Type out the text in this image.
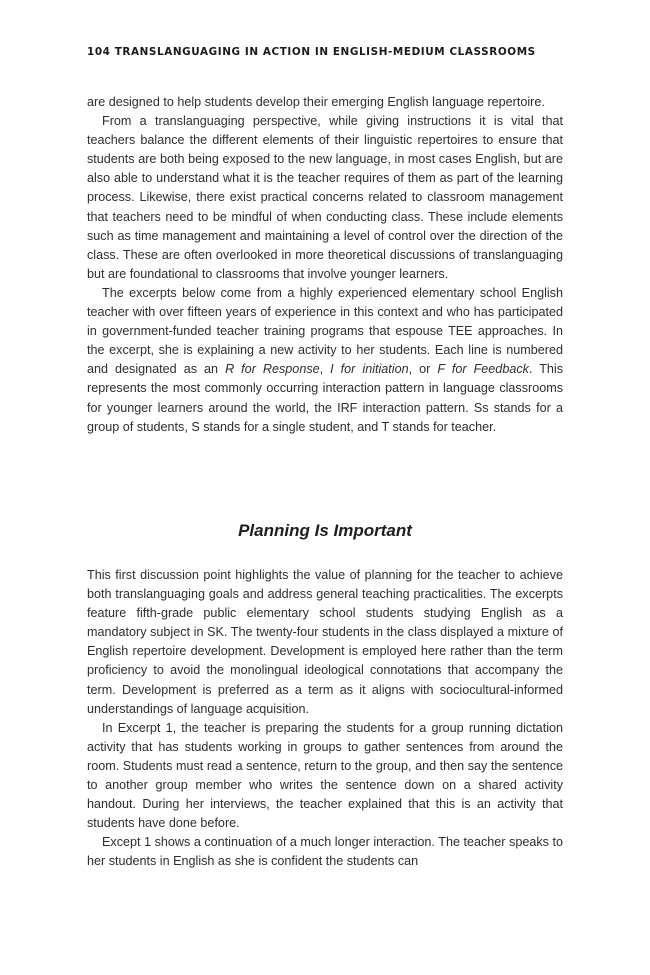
104 TRANSLANGUAGING IN ACTION IN ENGLISH-MEDIUM CLASSROOMS

are designed to help students develop their emerging English language repertoire.

From a translanguaging perspective, while giving instructions it is vital that teachers balance the different elements of their linguistic repertoires to ensure that students are both being exposed to the new language, in most cases English, but are also able to understand what it is the teacher requires of them as part of the learning process. Likewise, there exist practical concerns related to classroom management that teachers need to be mindful of when conducting class. These include elements such as time management and maintaining a level of control over the direction of the class. These are often overlooked in more theoretical discussions of translanguaging but are foundational to classrooms that involve younger learners.

The excerpts below come from a highly experienced elementary school English teacher with over fifteen years of experience in this context and who has participated in government-funded teacher training programs that espouse TEE approaches. In the excerpt, she is explaining a new activity to her students. Each line is numbered and designated as an R for Response, I for initiation, or F for Feedback. This represents the most commonly occurring interaction pattern in language classrooms for younger learners around the world, the IRF interaction pattern. Ss stands for a group of students, S stands for a single student, and T stands for teacher.

Planning Is Important

This first discussion point highlights the value of planning for the teacher to achieve both translanguaging goals and address general teaching practicalities. The excerpts feature fifth-grade public elementary school students studying English as a mandatory subject in SK. The twenty-four students in the class displayed a mixture of English repertoire development. Development is employed here rather than the term proficiency to avoid the monolingual ideological connotations that accompany the term. Development is preferred as a term as it aligns with sociocultural-informed understandings of language acquisition.

In Excerpt 1, the teacher is preparing the students for a group running dictation activity that has students working in groups to gather sentences from around the room. Students must read a sentence, return to the group, and then say the sentence to another group member who writes the sentence down on a shared activity handout. During her interviews, the teacher explained that this is an activity that students have done before.

Except 1 shows a continuation of a much longer interaction. The teacher speaks to her students in English as she is confident the students can
